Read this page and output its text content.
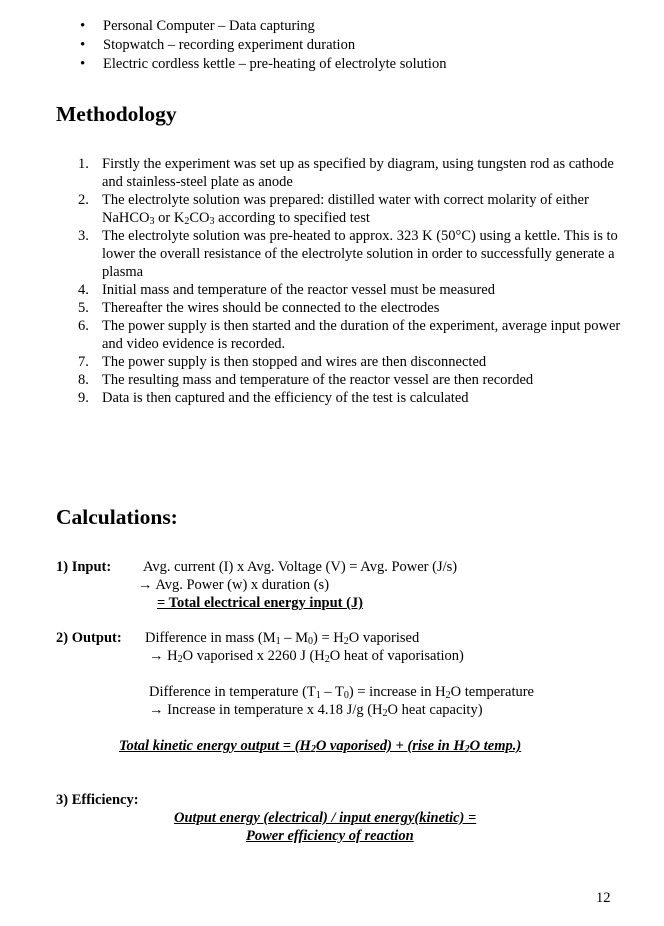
• Personal Computer – Data capturing
• Stopwatch – recording experiment duration
• Electric cordless kettle – pre-heating of electrolyte solution
Methodology
1. Firstly the experiment was set up as specified by diagram, using tungsten rod as cathode and stainless-steel plate as anode
2. The electrolyte solution was prepared: distilled water with correct molarity of either NaHCO$_3$ or $K_2CO_3$ according to specified test
3. The electrolyte solution was pre-heated to approx. 323 K (50°C) using a kettle. This is to lower the overall resistance of the electrolyte solution in order to successfully generate a plasma
4. Initial mass and temperature of the reactor vessel must be measured
5. Thereafter the wires should be connected to the electrodes
6. The power supply is then started and the duration of the experiment, average input power and video evidence is recorded.
7. The power supply is then stopped and wires are then disconnected
8. The resulting mass and temperature of the reactor vessel are then recorded
9. Data is then captured and the efficiency of the test is calculated
Calculations:
1) Input: Avg. current (I) x Avg. Voltage (V) = Avg. Power (J/s)
→ Avg. Power (w) x duration (s)
= Total electrical energy input (J)
2) Output: Difference in mass $(M_1 - M_0) = H_2O$ vaporised
→ $H_2O$ vaporised x 2260 J ($H_2O$ heat of vaporisation)
Difference in temperature $(T_1 - T_0)$ = increase in $H_2O$ temperature
→ Increase in temperature x 4.18 J/g ($H_2O$ heat capacity)
Total kinetic energy output = ($H_2O$ vaporised) + (rise in $H_2O$ temp.)
3) Efficiency:
Output energy (electrical) / input energy(kinetic) =
Power efficiency of reaction
12
